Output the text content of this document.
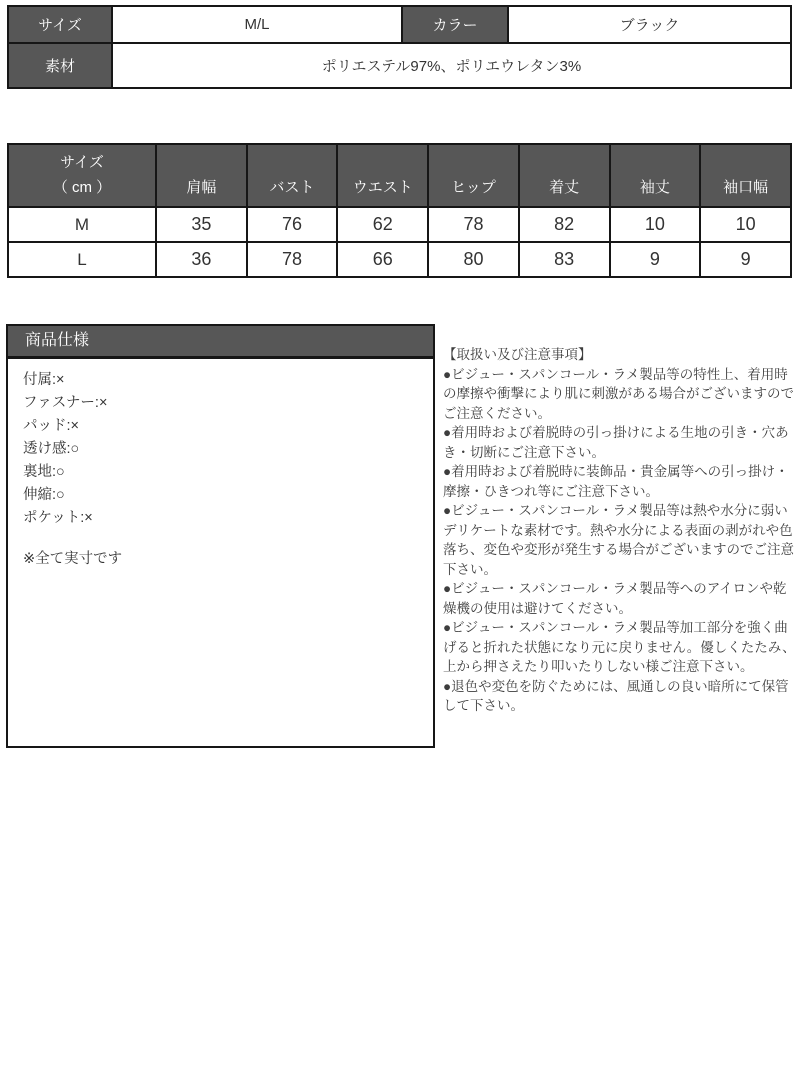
サイズ	M/L	カラー	ブラック
素材	ポリエステル97%、ポリエウレタン3%		
サイズ
（ cm ）	肩幅	バスト	ウエスト	ヒップ	着丈	袖丈	袖口幅
M	35	76	62	78	82	10	10
L	36	78	66	80	83	9	9
商品仕様
付属:×
ファスナー:×
パッド:×
透け感:○
裏地:○
伸縮:○
ポケット:×
※全て実寸です

【取扱い及び注意事項】

●ビジュー・スパンコール・ラメ製品等の特性上、着用時の摩擦や衝撃により肌に刺激がある場合がございますのでご注意ください。

●着用時および着脱時の引っ掛けによる生地の引き・穴あき・切断にご注意下さい。

●着用時および着脱時に装飾品・貴金属等への引っ掛け・摩擦・ひきつれ等にご注意下さい。

●ビジュー・スパンコール・ラメ製品等は熱や水分に弱いデリケートな素材です。熱や水分による表面の剥がれや色落ち、変色や変形が発生する場合がございますのでご注意下さい。

●ビジュー・スパンコール・ラメ製品等へのアイロンや乾燥機の使用は避けてください。

●ビジュー・スパンコール・ラメ製品等加工部分を強く曲げると折れた状態になり元に戻りません。優しくたたみ、上から押さえたり叩いたりしない様ご注意下さい。

●退色や変色を防ぐためには、風通しの良い暗所にて保管して下さい。
